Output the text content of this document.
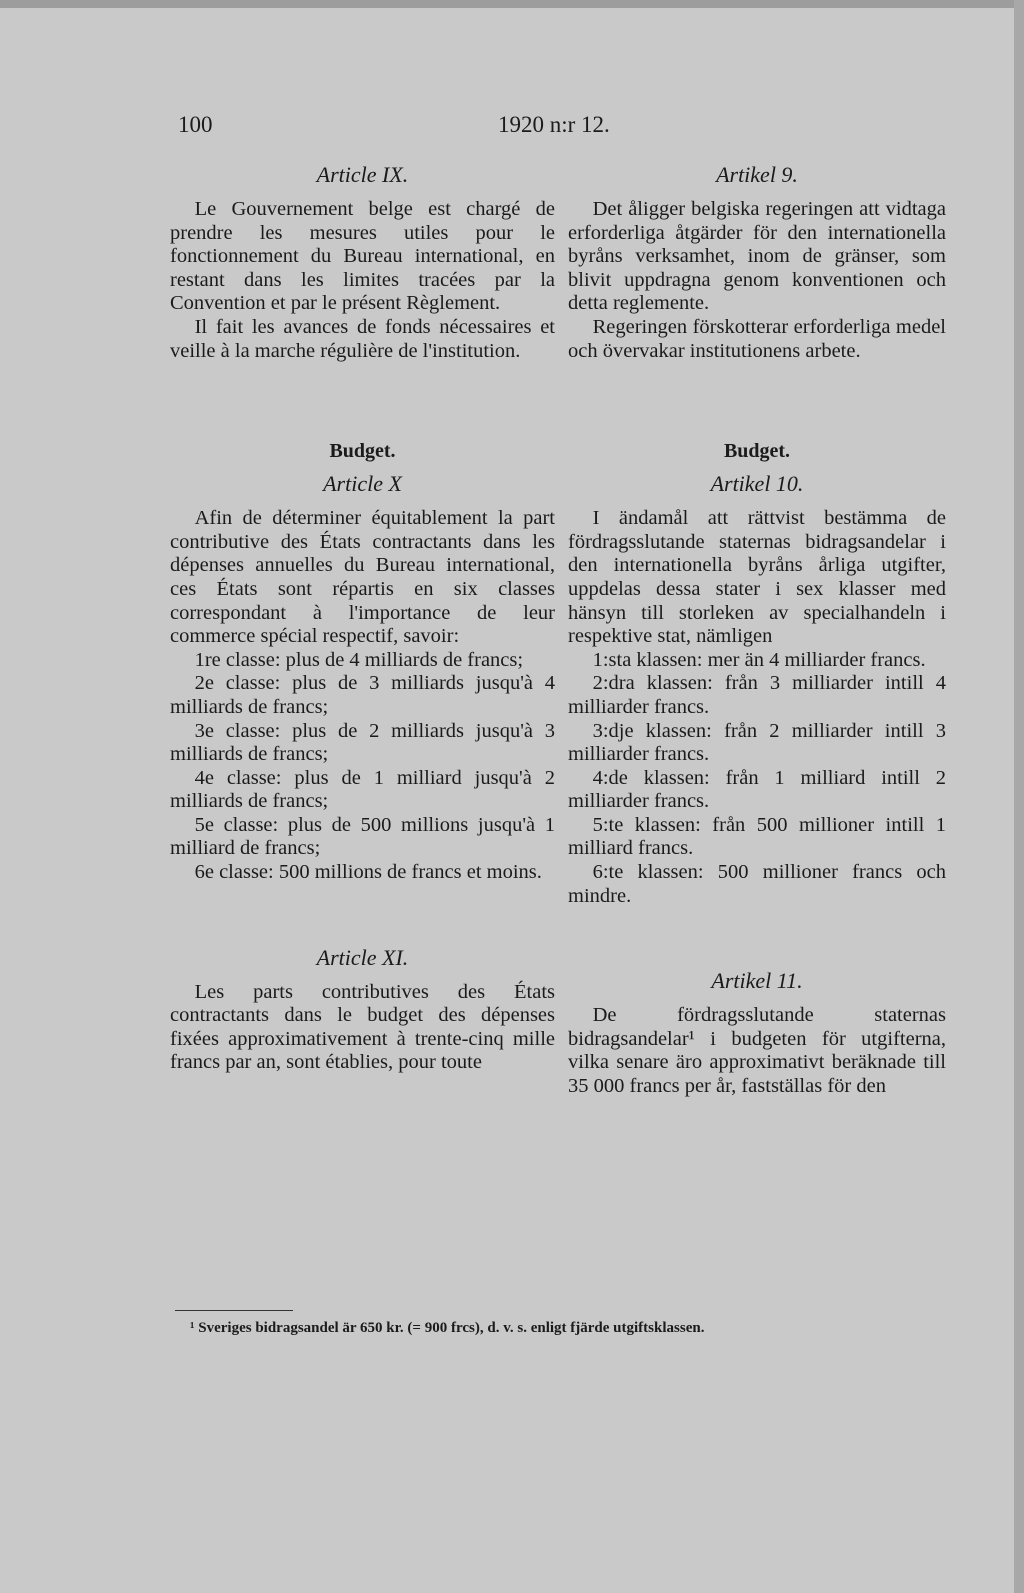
100	1920 n:r 12.
Article IX.

Le Gouvernement belge est chargé de prendre les mesures utiles pour le fonctionnement du Bureau international, en restant dans les limites tracées par la Convention et par le présent Règlement.

Il fait les avances de fonds nécessaires et veille à la marche régulière de l'institution.

Budget.
Article X

Afin de déterminer équitablement la part contributive des États contractants dans les dépenses annuelles du Bureau international, ces États sont répartis en six classes correspondant à l'importance de leur commerce spécial respectif, savoir:

1re classe: plus de 4 milliards de francs;

2e classe: plus de 3 milliards jusqu'à 4 milliards de francs;

3e classe: plus de 2 milliards jusqu'à 3 milliards de francs;

4e classe: plus de 1 milliard jusqu'à 2 milliards de francs;

5e classe: plus de 500 millions jusqu'à 1 milliard de francs;

6e classe: 500 millions de francs et moins.

Article XI.

Les parts contributives des États contractants dans le budget des dépenses fixées approximativement à trente-cinq mille francs par an, sont établies, pour toute

Artikel 9.

Det åligger belgiska regeringen att vidtaga erforderliga åtgärder för den internationella byråns verksamhet, inom de gränser, som blivit uppdragna genom konventionen och detta reglemente.

Regeringen förskotterar erforderliga medel och övervakar institutionens arbete.

Budget.
Artikel 10.

I ändamål att rättvist bestämma de fördragsslutande staternas bidragsandelar i den internationella byråns årliga utgifter, uppdelas dessa stater i sex klasser med hänsyn till storleken av specialhandeln i respektive stat, nämligen

1:sta klassen: mer än 4 milliarder francs.

2:dra klassen: från 3 milliarder intill 4 milliarder francs.

3:dje klassen: från 2 milliarder intill 3 milliarder francs.

4:de klassen: från 1 milliard intill 2 milliarder francs.

5:te klassen: från 500 millioner intill 1 milliard francs.

6:te klassen: 500 millioner francs och mindre.

Artikel 11.

De fördragsslutande staternas bidragsandelar¹ i budgeten för utgifterna, vilka senare äro approximativt beräknade till 35 000 francs per år, fastställas för den

¹ Sveriges bidragsandel är 650 kr. (= 900 frcs), d. v. s. enligt fjärde utgiftsklassen.
